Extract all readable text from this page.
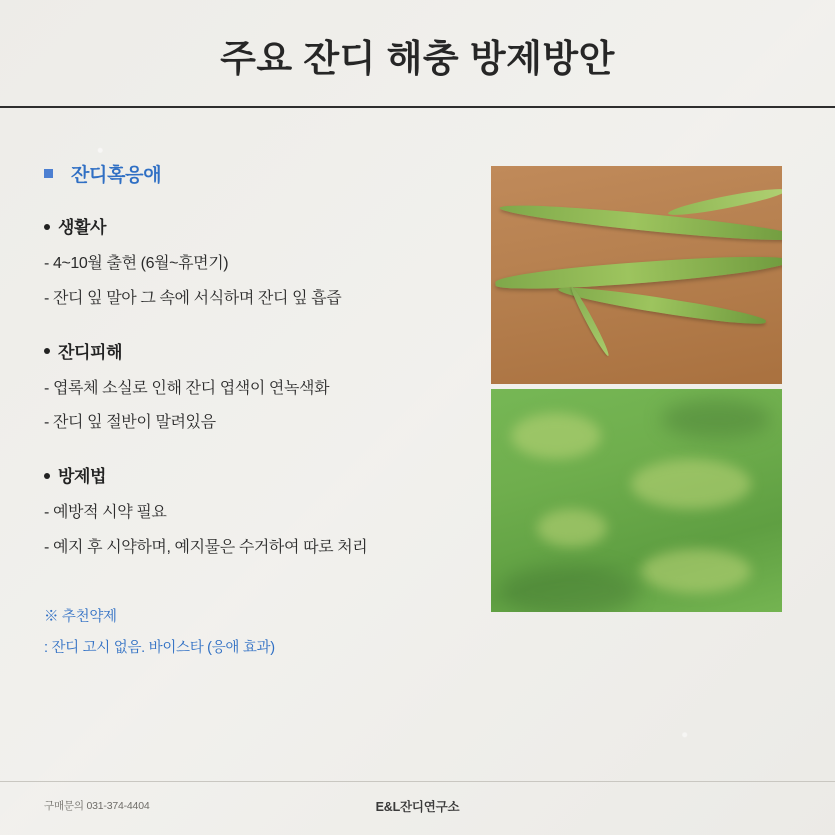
주요 잔디 해충 방제방안
잔디혹응애
생활사

- 4~10월 출현 (6월~휴면기)

- 잔디 잎 말아 그 속에 서식하며 잔디 잎 흡즙

잔디피해

- 엽록체 소실로 인해 잔디 엽색이 연녹색화

- 잔디 잎 절반이 말려있음

방제법

- 예방적 시약 필요

- 예지 후 시약하며, 예지물은 수거하여 따로 처리

※ 추천약제
: 잔디 고시 없음. 바이스타 (응애 효과)
구매문의 031-374-4404	E&L잔디연구소
